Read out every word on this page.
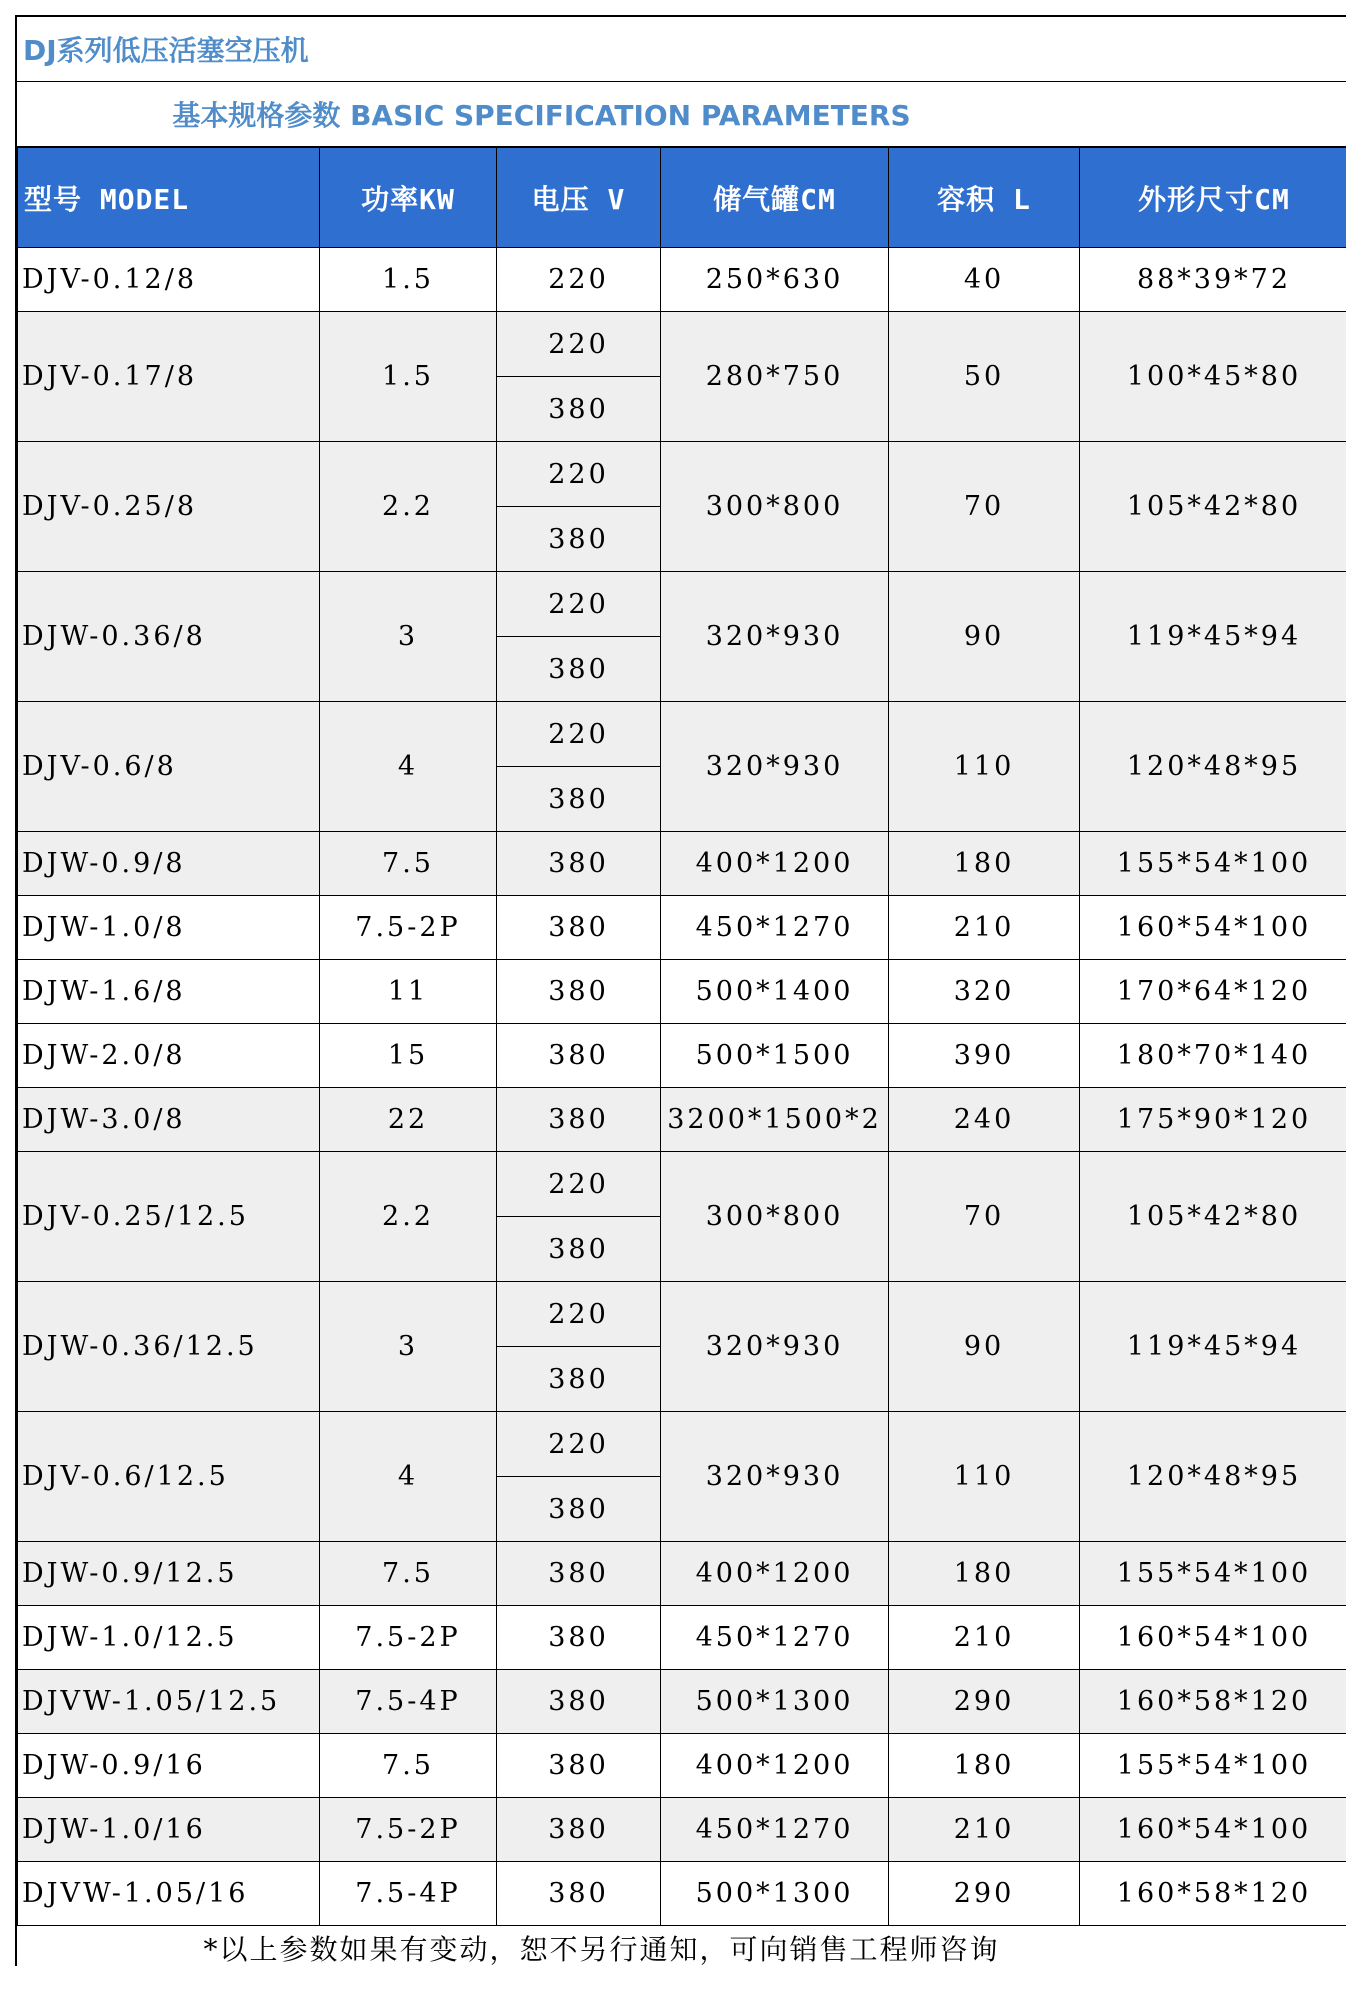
DJ系列低压活塞空压机
基本规格参数 BASIC SPECIFICATION PARAMETERS
型号 MODEL	功率KW	电压 V	储气罐CM	容积 L	外形尺寸CM
DJV-0.12/8	1.5	220	250*630	40	88*39*72
DJV-0.17/8	1.5	220	280*750	50	100*45*80
		380			
DJV-0.25/8	2.2	220	300*800	70	105*42*80
		380			
DJW-0.36/8	3	220	320*930	90	119*45*94
		380			
DJV-0.6/8	4	220	320*930	110	120*48*95
		380			
DJW-0.9/8	7.5	380	400*1200	180	155*54*100
DJW-1.0/8	7.5-2P	380	450*1270	210	160*54*100
DJW-1.6/8	11	380	500*1400	320	170*64*120
DJW-2.0/8	15	380	500*1500	390	180*70*140
DJW-3.0/8	22	380	3200*1500*2	240	175*90*120
DJV-0.25/12.5	2.2	220	300*800	70	105*42*80
		380			
DJW-0.36/12.5	3	220	320*930	90	119*45*94
		380			
DJV-0.6/12.5	4	220	320*930	110	120*48*95
		380			
DJW-0.9/12.5	7.5	380	400*1200	180	155*54*100
DJW-1.0/12.5	7.5-2P	380	450*1270	210	160*54*100
DJVW-1.05/12.5	7.5-4P	380	500*1300	290	160*58*120
DJW-0.9/16	7.5	380	400*1200	180	155*54*100
DJW-1.0/16	7.5-2P	380	450*1270	210	160*54*100
DJVW-1.05/16	7.5-4P	380	500*1300	290	160*58*120
*以上参数如果有变动，恕不另行通知，可向销售工程师咨询
